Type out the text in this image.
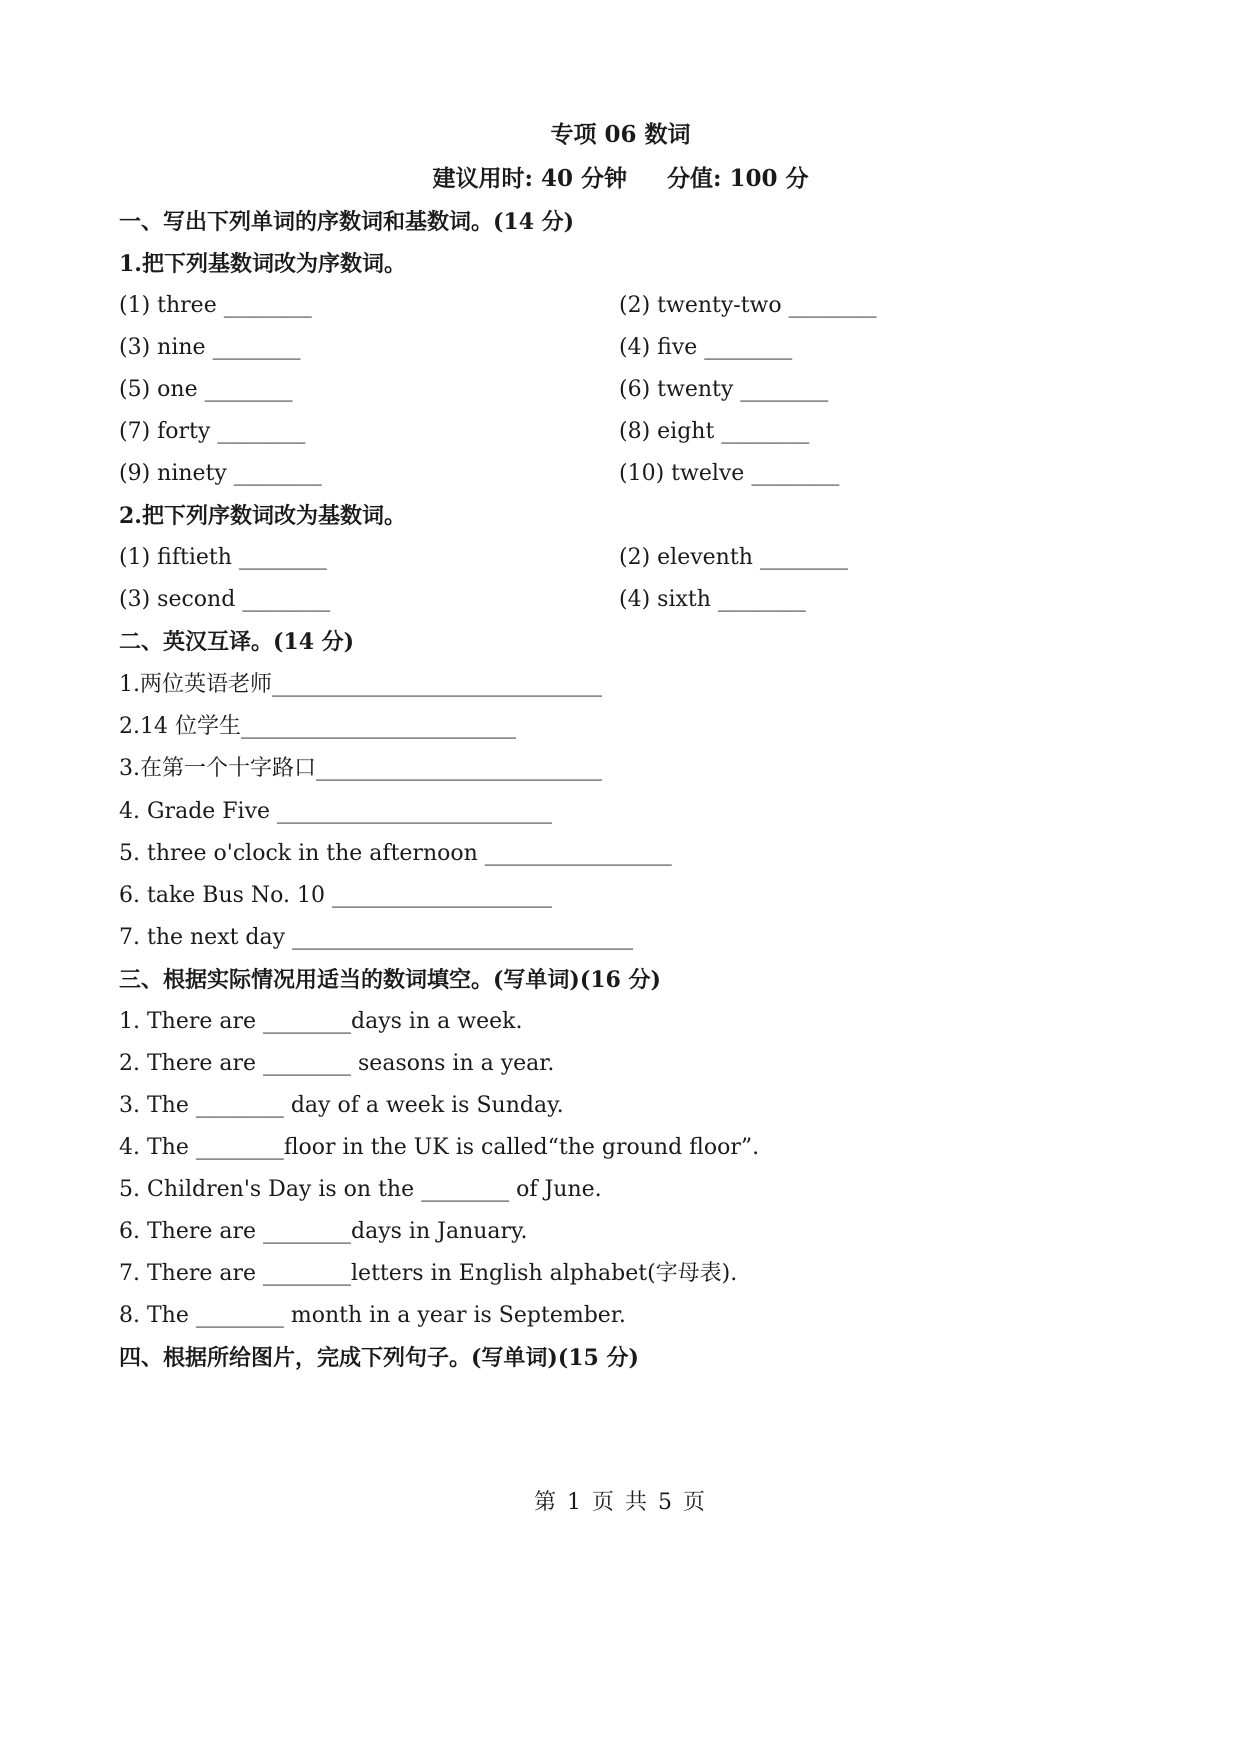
专项 06 数词
建议用时: 40 分钟     分值: 100 分
一、写出下列单词的序数词和基数词。(14 分)
1.把下列基数词改为序数词。
(1) three ________	(2) twenty-two ________
(3) nine ________	(4) five ________
(5) one ________	(6) twenty ________
(7) forty ________	(8) eight ________
(9) ninety ________	(10) twelve ________
2.把下列序数词改为基数词。
(1) fiftieth ________	(2) eleventh ________
(3) second ________	(4) sixth ________
二、英汉互译。(14 分)
1.两位英语老师______________________________
2.14 位学生_________________________
3.在第一个十字路口__________________________
4. Grade Five _________________________
5. three o'clock in the afternoon _________________
6. take Bus No. 10 ____________________
7. the next day _______________________________
三、根据实际情况用适当的数词填空。(写单词)(16 分)
1. There are ________days in a week.
2. There are ________ seasons in a year.
3. The ________ day of a week is Sunday.
4. The ________floor in the UK is called“the ground floor”.
5. Children's Day is on the ________ of June.
6. There are ________days in January.
7. There are ________letters in English alphabet(字母表).
8. The ________ month in a year is September.
四、根据所给图片，完成下列句子。(写单词)(15 分)
第 1 页 共 5 页
